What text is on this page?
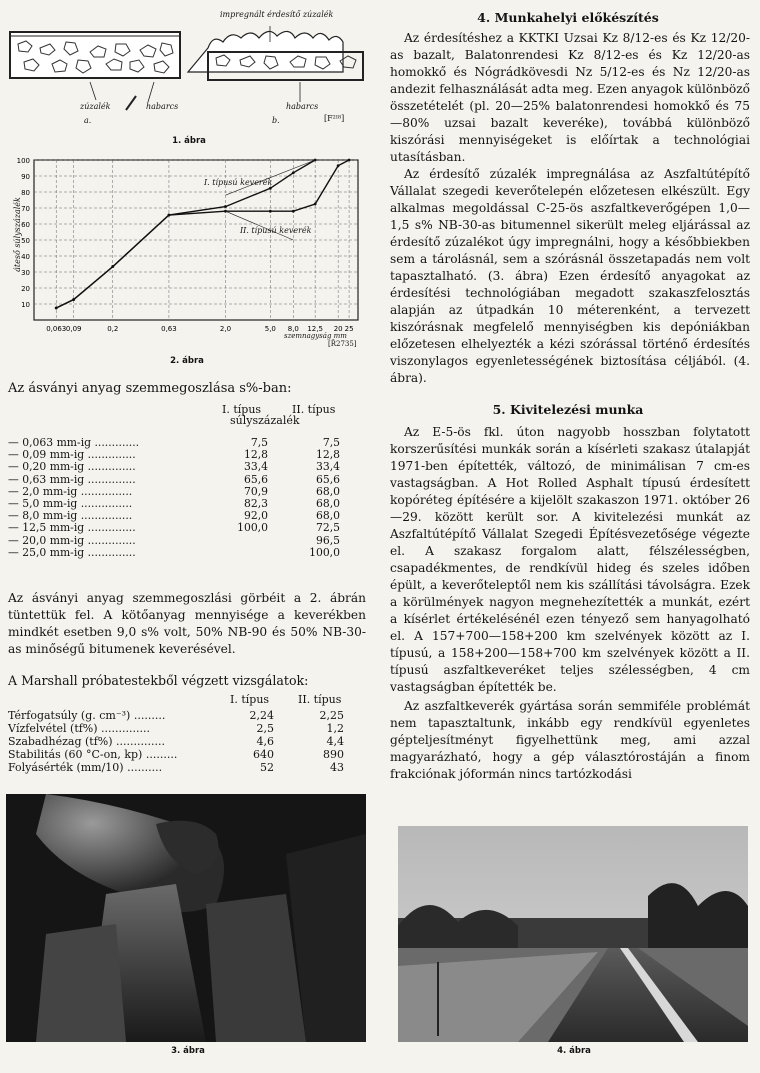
impregnált érdesítő zúzalék
zúzalék	habarcs	habarcs
a.	b.	[F²ᴵ⁸]
1. ábra
100
90
80
70
60
50
40
30
20
10
0,063 0,09	0,2	0,63	2,0	5,0 8,0 12,5 20 25
áteső súlyszázalék
szemnagyság mm
[R̂2735]
I. típusú keverék
II. típusú keverék
2. ábra
Az ásványi anyag szemmegoszlása s%-ban:
I. típus	II. típus
súlyszázalék
— 0,063 mm-ig .............	7,5	7,5
— 0,09 mm-ig ..............	12,8	12,8
— 0,20 mm-ig ..............	33,4	33,4
— 0,63 mm-ig ..............	65,6	65,6
— 2,0 mm-ig ...............	70,9	68,0
— 5,0 mm-ig ...............	82,3	68,0
— 8,0 mm-ig ...............	92,0	68,0
— 12,5 mm-ig ..............	100,0	72,5
— 20,0 mm-ig ..............		96,5
— 25,0 mm-ig ..............		100,0
Az ásványi anyag szemmegoszlási görbéit a 2. ábrán tüntettük fel. A kötőanyag mennyisége a keverékben mindkét esetben 9,0 s% volt, 50% NB-90 és 50% NB-30-as minőségű bitumenek keverésével.
A Marshall próbatestekből végzett vizsgálatok:
I. típus	II. típus
Térfogatsúly (g. cm⁻³) .........	2,24	2,25
Vízfelvétel (tf%) ..............	2,5	1,2
Szabadhézag (tf%) ..............	4,6	4,4
Stabilitás (60 °C-on, kp) .........	640	890
Folyásérték (mm/10) ..........	52	43
3. ábra
4. Munkahelyi előkészítés
Az érdesítéshez a KKTKI Uzsai Kz 8/12-es és Kz 12/20-as bazalt, Balatonrendesi Kz 8/12-es és Kz 12/20-as homokkő és Nógrádkövesdi Nz 5/12-es és Nz 12/20-as andezit felhasználását adta meg. Ezen anyagok különböző összetételét (pl. 20—25% balatonrendesi homokkő és 75—80% uzsai bazalt keveréke), továbbá különböző kiszórási mennyiségeket is előírtak a technológiai utasításban.
Az érdesítő zúzalék impregnálása az Aszfaltútépítő Vállalat szegedi keverőtelepén előzetesen elkészült. Egy alkalmas megoldással C-25-ös aszfaltkeverőgépen 1,0—1,5 s% NB-30-as bitumennel sikerült meleg eljárással az érdesítő zúzalékot úgy impregnálni, hogy a későbbiekben sem a tárolásnál, sem a szórásnál összetapadás nem volt tapasztalható. (3. ábra) Ezen érdesítő anyagokat az érdesítési technológiában megadott szakaszfelosztás alapján az útpadkán 10 méterenként, a tervezett kiszórásnak megfelelő mennyiségben kis depóniákban előzetesen elhelyezték a kézi szórással történő érdesítés viszonylagos egyenletességének biztosítása céljából. (4. ábra).
5. Kivitelezési munka
Az E-5-ös fkl. úton nagyobb hosszban folytatott korszerűsítési munkák során a kísérleti szakasz útalapját 1971-ben építették, változó, de minimálisan 7 cm-es vastagságban. A Hot Rolled Asphalt típusú érdesített kopóréteg építésére a kijelölt szakaszon 1971. október 26—29. között került sor. A kivitelezési munkát az Aszfaltútépítő Vállalat Szegedi Építésvezetősége végezte el. A szakasz forgalom alatt, félszélességben, csapadékmentes, de rendkívül hideg és szeles időben épült, a keverőteleptől nem kis szállítási távolságra. Ezek a körülmények nagyon megnehezítették a munkát, ezért a kísérlet értékelésénél ezen tényező sem hanyagolható el. A 157+700—158+200 km szelvények között az I. típusú, a 158+200—158+700 km szelvények között a II. típusú aszfaltkeveréket teljes szélességben, 4 cm vastagságban építették be.
Az aszfaltkeverék gyártása során semmiféle problémát nem tapasztaltunk, inkább egy rendkívül egyenletes gépteljesítményt figyelhettünk meg, ami azzal magyarázható, hogy a gép választórostáján a finom frakciónak jóformán nincs tartózkodási
4. ábra
